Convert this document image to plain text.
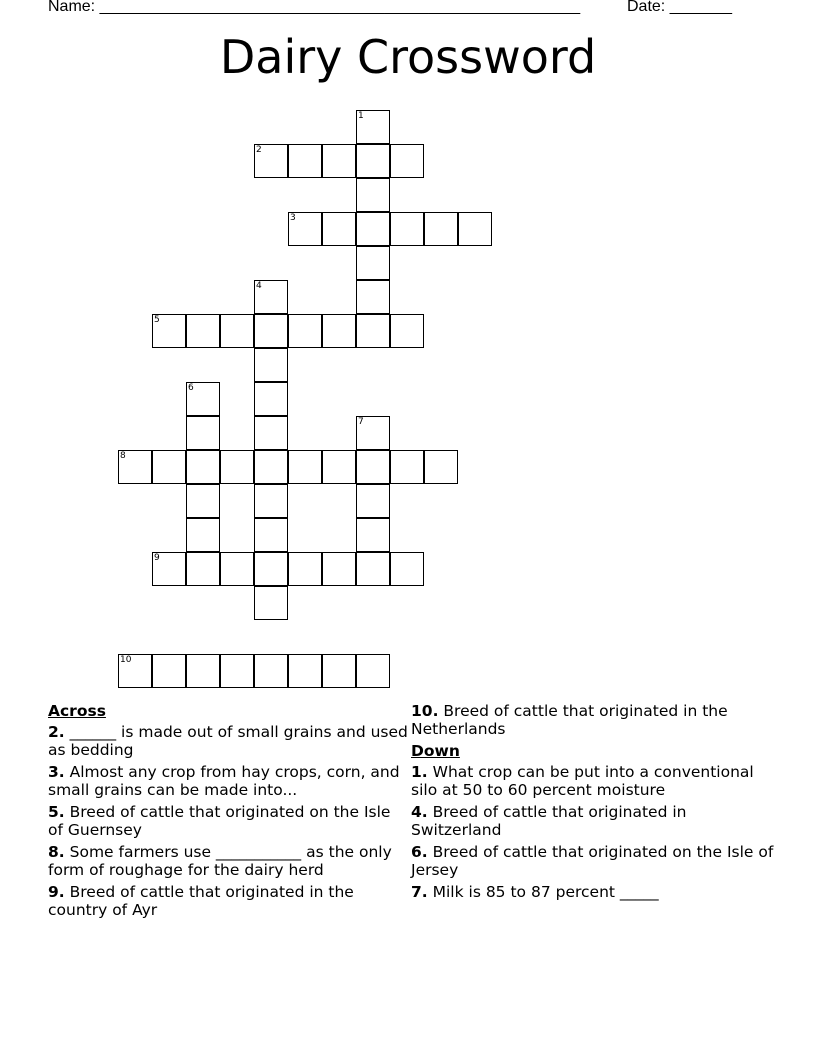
Name: ______________________________________________________	Date: _______
Dairy Crossword
1
2
3
4
5
6
7
8
9
10
Across
2. ______ is made out of small grains and used as bedding
3. Almost any crop from hay crops, corn, and small grains can be made into...
5. Breed of cattle that originated on the Isle of Guernsey
8. Some farmers use ___________ as the only form of roughage for the dairy herd
9. Breed of cattle that originated in the country of Ayr
10. Breed of cattle that originated in the Netherlands
Down
1. What crop can be put into a conventional silo at 50 to 60 percent moisture
4. Breed of cattle that originated in Switzerland
6. Breed of cattle that originated on the Isle of Jersey
7. Milk is 85 to 87 percent _____
